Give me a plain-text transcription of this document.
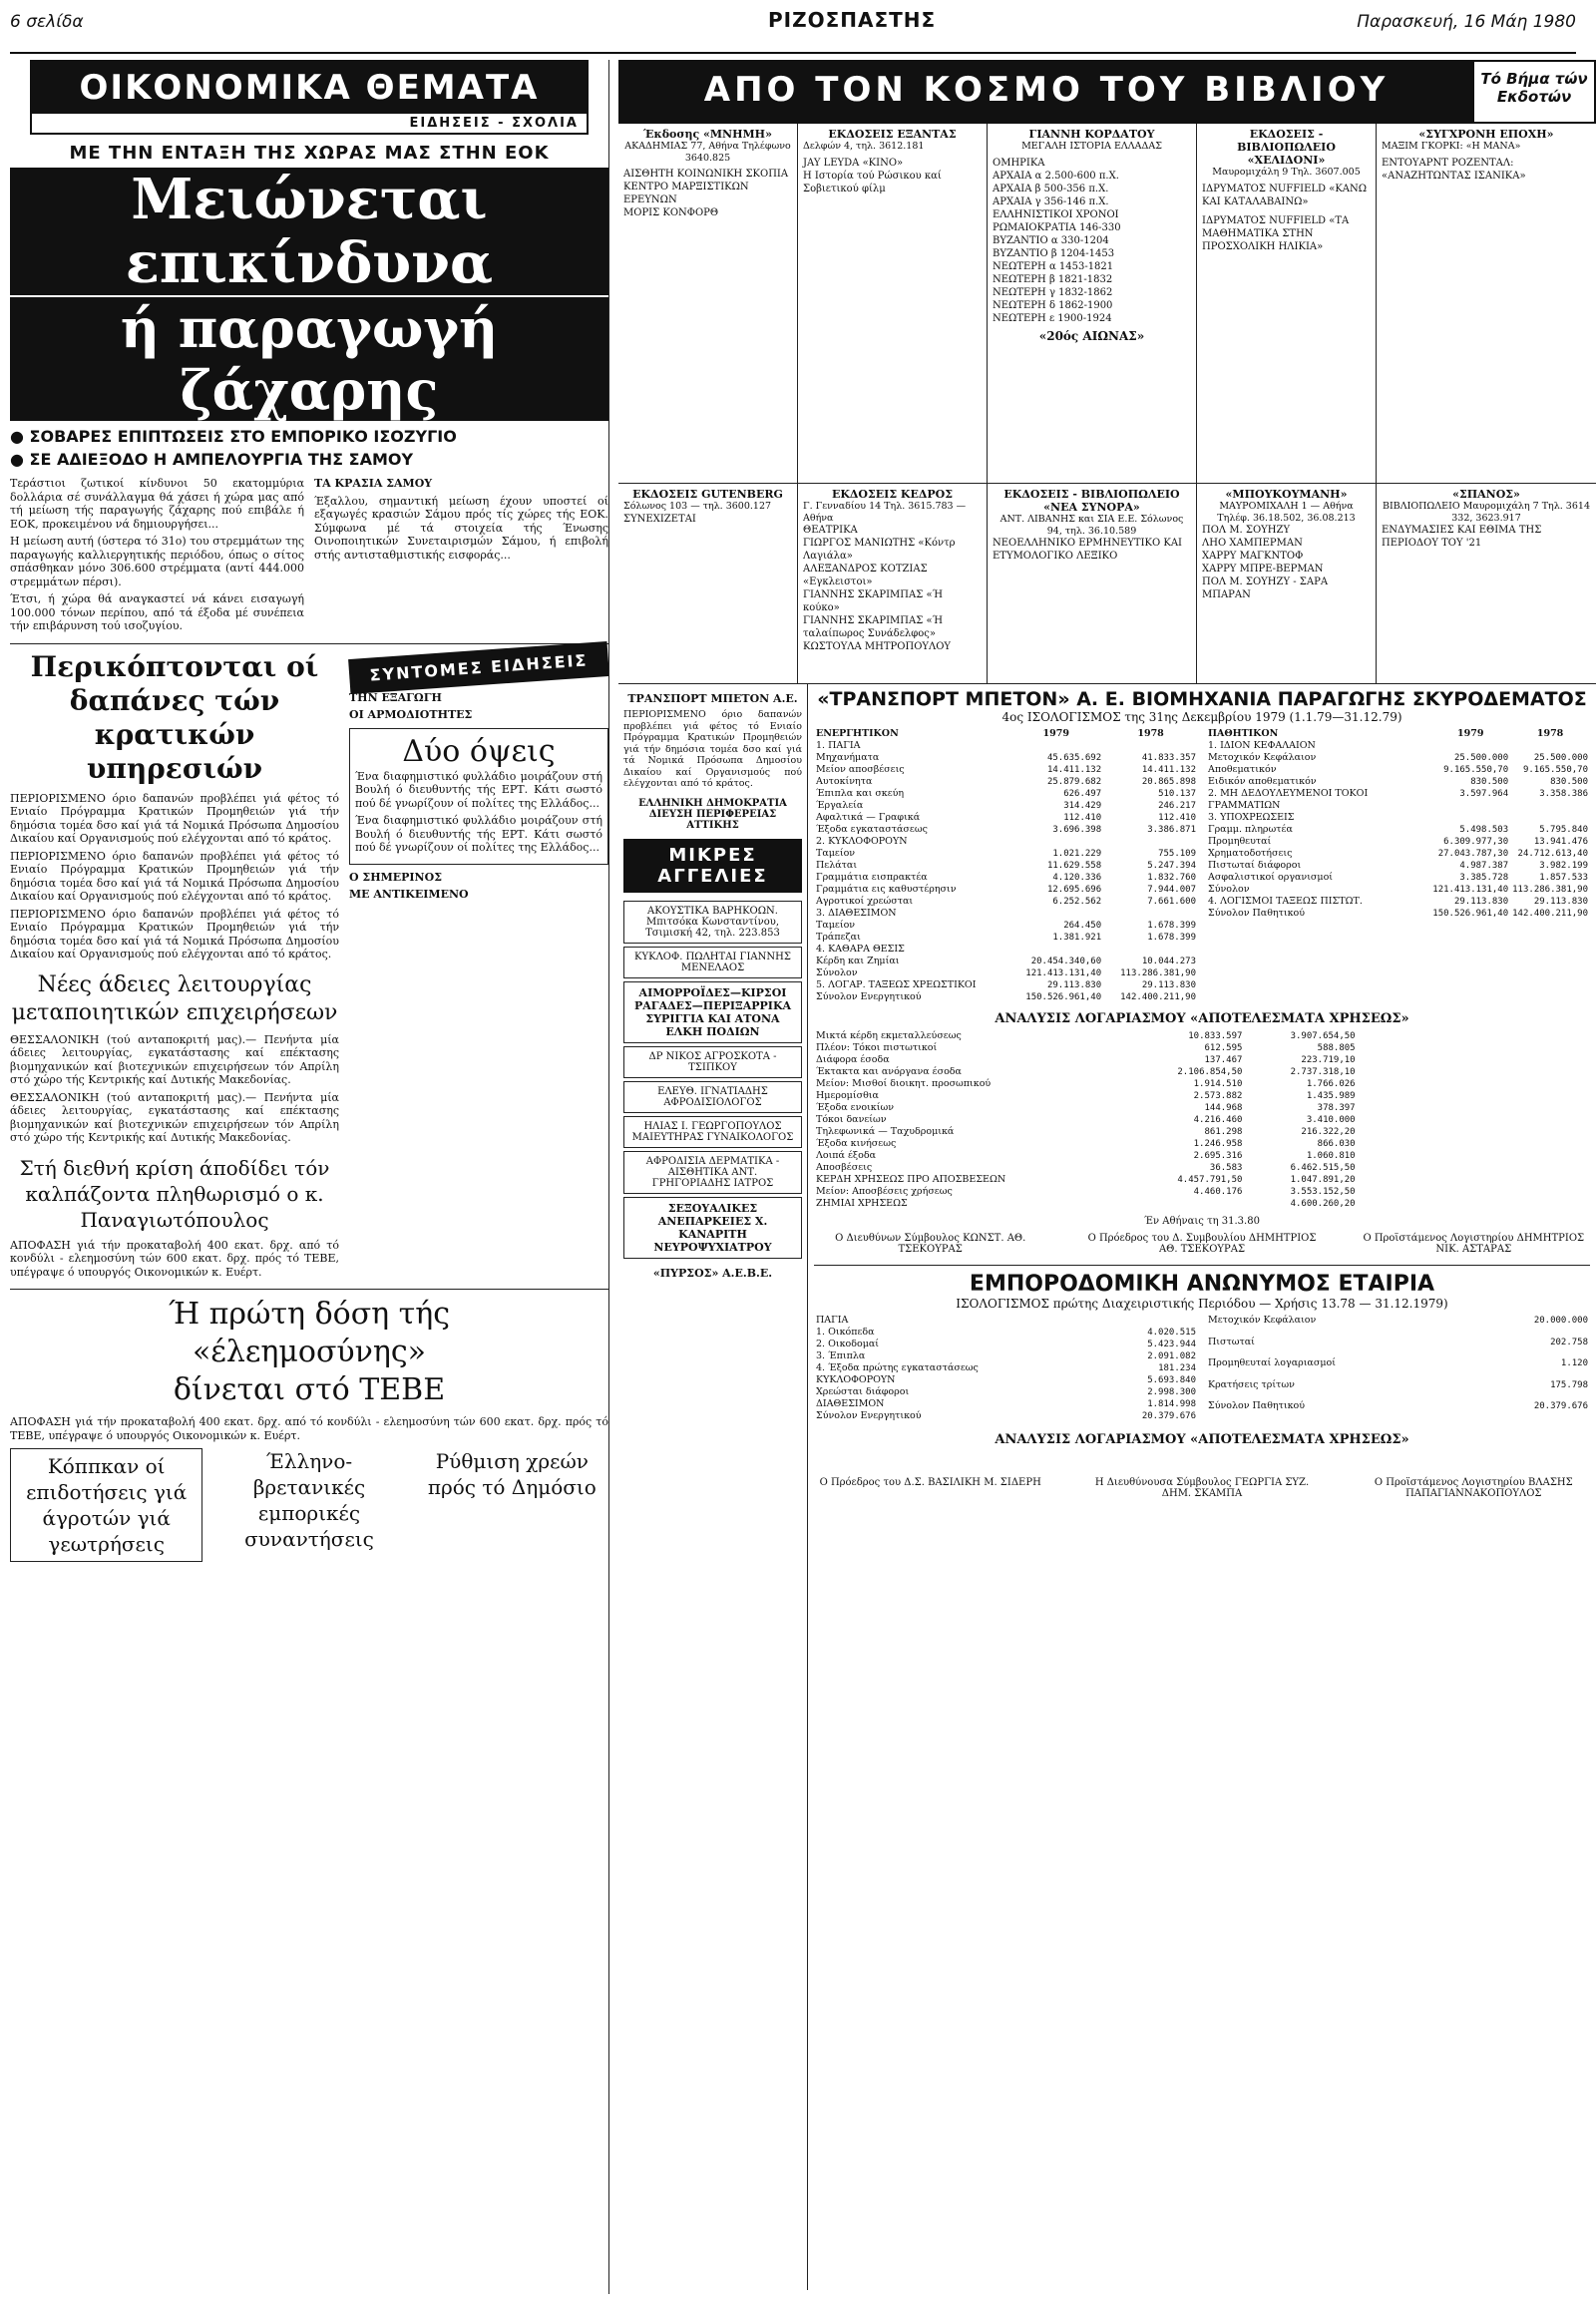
6 σελίδα	ΡΙΖΟΣΠΑΣΤΗΣ	Παρασκευή, 16 Μάη 1980
ΟΙΚΟΝΟΜΙΚΑ ΘΕΜΑΤΑ
ΕΙΔΗΣΕΙΣ - ΣΧΟΛΙΑ
ΜΕ ΤΗΝ ΕΝΤΑΞΗ ΤΗΣ ΧΩΡΑΣ ΜΑΣ ΣΤΗΝ ΕΟΚ
Μειώνεται επικίνδυνα
ή παραγωγή ζάχαρης
● ΣΟΒΑΡΕΣ ΕΠΙΠΤΩΣΕΙΣ ΣΤΟ ΕΜΠΟΡΙΚΟ ΙΣΟΖΥΓΙΟ
● ΣΕ ΑΔΙΕΞΟΔΟ Η ΑΜΠΕΛΟΥΡΓΙΑ ΤΗΣ ΣΑΜΟΥ

Τεράστιοι ζωτικοί κίνδυνοι 50 εκατομμύρια δολλάρια σέ συνάλλαγμα θά χάσει ή χώρα μας από τή μείωση τής παραγωγής ζάχαρης πού επιβάλε ή ΕΟΚ, προκειμένου νά δημιουργήσει...

Η μείωση αυτή (ύστερα τό 31ο) του στρεμμάτων της παραγωγής καλλιεργητικής περιόδου, όπως ο σίτος σπάσθηκαν μόνο 306.600 στρέμματα (αντί 444.000 στρεμμάτων πέρσι).

Έτσι, ή χώρα θά αναγκαστεί νά κάνει εισαγωγή 100.000 τόνων περίπου, από τά έξοδα μέ συνέπεια τήν επιβάρυνση τού ισοζυγίου.

ΤΑ ΚΡΑΣΙΑ ΣΑΜΟΥ

Έξαλλου, σημαντική μείωση έχουν υποστεί οί εξαγωγές κρασιών Σάμου πρός τίς χώρες τής ΕΟΚ. Σύμφωνα μέ τά στοιχεία τής Ένωσης Οινοποιητικών Συνεταιρισμών Σάμου, ή επιβολή στής αντισταθμιστικής εισφοράς...

Περικόπτονται οί
δαπάνες τών
κρατικών υπηρεσιών

ΠΕΡΙΟΡΙΣΜΕΝΟ όριο δαπανών προβλέπει γιά φέτος τό Ενιαίο Πρόγραμμα Κρατικών Προμηθειών γιά τήν δημόσια τομέα δσο καί γιά τά Νομικά Πρόσωπα Δημοσίου Δικαίου καί Οργανισμούς πού ελέγχονται από τό κράτος.

ΠΕΡΙΟΡΙΣΜΕΝΟ όριο δαπανών προβλέπει γιά φέτος τό Ενιαίο Πρόγραμμα Κρατικών Προμηθειών γιά τήν δημόσια τομέα δσο καί γιά τά Νομικά Πρόσωπα Δημοσίου Δικαίου καί Οργανισμούς πού ελέγχονται από τό κράτος.

ΠΕΡΙΟΡΙΣΜΕΝΟ όριο δαπανών προβλέπει γιά φέτος τό Ενιαίο Πρόγραμμα Κρατικών Προμηθειών γιά τήν δημόσια τομέα δσο καί γιά τά Νομικά Πρόσωπα Δημοσίου Δικαίου καί Οργανισμούς πού ελέγχονται από τό κράτος.

Νέες άδειες λειτουργίας μεταποιητικών επιχειρήσεων

ΘΕΣΣΑΛΟΝΙΚΗ (τού ανταποκριτή μας).— Πενήντα μία άδειες λειτουργίας, εγκατάστασης καί επέκτασης βιομηχανικών καί βιοτεχνικών επιχειρήσεων τόν Απρίλη στό χώρο τής Κεντρικής καί Δυτικής Μακεδονίας.

ΘΕΣΣΑΛΟΝΙΚΗ (τού ανταποκριτή μας).— Πενήντα μία άδειες λειτουργίας, εγκατάστασης καί επέκτασης βιομηχανικών καί βιοτεχνικών επιχειρήσεων τόν Απρίλη στό χώρο τής Κεντρικής καί Δυτικής Μακεδονίας.

Στή διεθνή κρίση άποδίδει τόν καλπάζοντα πληθωρισμό ο κ. Παναγιωτόπουλος

ΑΠΟΦΑΣΗ γιά τήν προκαταβολή 400 εκατ. δρχ. από τό κονδύλι - ελεημοσύνη τών 600 εκατ. δρχ. πρός τό ΤΕΒΕ, υπέγραψε ό υπουργός Οικονομικών κ. Ευέρτ.

ΣΥΝΤΟΜΕΣ ΕΙΔΗΣΕΙΣ

ΤΗΝ ΕΞΑΓΩΓΗ

ΟΙ ΑΡΜΟΔΙΟΤΗΤΕΣ

Δύο όψεις

Ένα διαφημιστικό φυλλάδιο μοιράζουν στή Βουλή ό διευθυντής τής ΕΡΤ. Κάτι σωστό πού δέ γνωρίζουν οί πολίτες της Ελλάδος...

Ένα διαφημιστικό φυλλάδιο μοιράζουν στή Βουλή ό διευθυντής τής ΕΡΤ. Κάτι σωστό πού δέ γνωρίζουν οί πολίτες της Ελλάδος...

Ο ΣΗΜΕΡΙΝΟΣ

ΜΕ ΑΝΤΙΚΕΙΜΕΝΟ

Ή πρώτη δόση τής
«έλεημοσύνης»
δίνεται στό ΤΕΒΕ

ΑΠΟΦΑΣΗ γιά τήν προκαταβολή 400 εκατ. δρχ. από τό κονδύλι - ελεημοσύνη τών 600 εκατ. δρχ. πρός τό ΤΕΒΕ, υπέγραψε ό υπουργός Οικονομικών κ. Ευέρτ.

Κόππκαν οί επιδοτήσεις γιά άγροτών γιά γεωτρήσεις
Έλληνο-βρετανικές εμπορικές συναντήσεις
Ρύθμιση χρεών πρός τό Δημόσιο
ΑΠΟ ΤΟΝ ΚΟΣΜΟ ΤΟΥ ΒΙΒΛΙΟΥ	Τό Βήμα τών Εκδοτών
Έκδοσης «ΜΝΗΜΗ»
ΑΚΑΔΗΜΙΑΣ 77, Αθήνα Τηλέφωνο 3640.825
ΑΙΣΘΗΤΗ ΚΟΙΝΩΝΙΚΗ ΣΚΟΠΙΑ
ΚΕΝΤΡΟ ΜΑΡΞΙΣΤΙΚΩΝ ΕΡΕΥΝΩΝ
ΜΟΡΙΣ ΚΟΝΦΟΡΘ
ΕΚΔΟΣΕΙΣ ΕΞΑΝΤΑΣ
Δελφών 4, τηλ. 3612.181
JAY LEYDA «ΚΙΝΟ»
Η Ιστορία τού Ρώσικου καί Σοβιετικού φίλμ
ΓΙΑΝΝΗ ΚΟΡΔΑΤΟΥ
ΜΕΓΑΛΗ ΙΣΤΟΡΙΑ ΕΛΛΑΔΑΣ
ΟΜΗΡΙΚΑ
ΑΡΧΑΙΑ α 2.500-600 π.Χ.
ΑΡΧΑΙΑ β 500-356 π.Χ.
ΑΡΧΑΙΑ γ 356-146 π.Χ.
ΕΛΛΗΝΙΣΤΙΚΟΙ ΧΡΟΝΟΙ
ΡΩΜΑΙΟΚΡΑΤΙΑ 146-330
ΒΥΖΑΝΤΙΟ α 330-1204
ΒΥΖΑΝΤΙΟ β 1204-1453
ΝΕΩΤΕΡΗ α 1453-1821
ΝΕΩΤΕΡΗ β 1821-1832
ΝΕΩΤΕΡΗ γ 1832-1862
ΝΕΩΤΕΡΗ δ 1862-1900
ΝΕΩΤΕΡΗ ε 1900-1924
«20ός ΑΙΩΝΑΣ»
ΕΚΔΟΣΕΙΣ - ΒΙΒΛΙΟΠΩΛΕΙΟ «ΧΕΛΙΔΟΝΙ»
Μαυρομιχάλη 9 Τηλ. 3607.005
ΙΔΡΥΜΑΤΟΣ NUFFIELD «ΚΑΝΩ ΚΑΙ ΚΑΤΑΛΑΒΑΙΝΩ»
ΙΔΡΥΜΑΤΟΣ NUFFIELD «ΤΑ ΜΑΘΗΜΑΤΙΚΑ ΣΤΗΝ ΠΡΟΣΧΟΛΙΚΗ ΗΛΙΚΙΑ»
«ΣΥΓΧΡΟΝΗ ΕΠΟΧΗ»
ΜΑΞΙΜ ΓΚΟΡΚΙ: «Η ΜΑΝΑ»
ΕΝΤΟΥΑΡΝΤ ΡΟΖΕΝΤΑΛ: «ΑΝΑΖΗΤΩΝΤΑΣ ΙΣΑΝΙΚΑ»
ΕΚΔΟΣΕΙΣ GUTENBERG
Σόλωνος 103 — τηλ. 3600.127
ΣΥΝΕΧΙΖΕΤΑΙ
ΕΚΔΟΣΕΙΣ ΚΕΔΡΟΣ
Γ. Γενναδίου 14 Τηλ. 3615.783 — Αθήνα
ΘΕΑΤΡΙΚΑ
ΓΙΩΡΓΟΣ ΜΑΝΙΩΤΗΣ «Κόντρ Λαγιάλα»
ΑΛΕΞΑΝΔΡΟΣ ΚΟΤΖΙΑΣ «Εγκλειστοι»
ΓΙΑΝΝΗΣ ΣΚΑΡΙΜΠΑΣ «Ή κούκο»
ΓΙΑΝΝΗΣ ΣΚΑΡΙΜΠΑΣ «Ή ταλαίπωρος Συνάδελφος»
ΚΩΣΤΟΥΛΑ ΜΗΤΡΟΠΟΥΛΟΥ
ΕΚΔΟΣΕΙΣ - ΒΙΒΛΙΟΠΩΛΕΙΟ «ΝΕΑ ΣΥΝΟΡΑ»
ΑΝΤ. ΛΙΒΑΝΗΣ και ΣΙΑ Ε.Ε. Σόλωνος 94, τηλ. 36.10.589
ΝΕΟΕΛΛΗΝΙΚΟ ΕΡΜΗΝΕΥΤΙΚΟ ΚΑΙ ΕΤΥΜΟΛΟΓΙΚΟ ΛΕΞΙΚΟ
«ΜΠΟΥΚΟΥΜΑΝΗ»
ΜΑΥΡΟΜΙΧΑΛΗ 1 — Αθήνα Τηλέφ. 36.18.502, 36.08.213
ΠΟΛ Μ. ΣΟΥΗΖΥ
ΛΗΟ ΧΑΜΠΕΡΜΑΝ
ΧΑΡΡΥ ΜΑΓΚΝΤΟΦ
ΧΑΡΡΥ ΜΠΡΕ-ΒΕΡΜΑΝ
ΠΟΛ Μ. ΣΟΥΗΖΥ - ΣΑΡΑ ΜΠΑΡΑΝ
«ΣΠΑΝΟΣ»
ΒΙΒΛΙΟΠΩΛΕΙΟ Μαυρομιχάλη 7 Τηλ. 3614 332, 3623.917
ΕΝΔΥΜΑΣΙΕΣ ΚΑΙ ΕΘΙΜΑ ΤΗΣ ΠΕΡΙΟΔΟΥ ΤΟΥ '21
ΤΡΑΝΣΠΟΡΤ ΜΠΕΤΟΝ Α.Ε.

ΠΕΡΙΟΡΙΣΜΕΝΟ όριο δαπανών προβλέπει γιά φέτος τό Ενιαίο Πρόγραμμα Κρατικών Προμηθειών γιά τήν δημόσια τομέα δσο καί γιά τά Νομικά Πρόσωπα Δημοσίου Δικαίου καί Οργανισμούς πού ελέγχονται από τό κράτος.

ΕΛΛΗΝΙΚΗ ΔΗΜΟΚΡΑΤΙΑ ΔΙΕΥΣΗ ΠΕΡΙΦΕΡΕΙΑΣ ΑΤΤΙΚΗΣ
ΜΙΚΡΕΣ ΑΓΓΕΛΙΕΣ
ΑΚΟΥΣΤΙΚΑ ΒΑΡΗΚΟΩΝ. Μπιτσόκα Κωνσταντίνου, Τσιμισκή 42, τηλ. 223.853
ΚΥΚΛΟΦ. ΠΩΛΗΤΑΙ ΓΙΑΝΝΗΣ ΜΕΝΕΛΑΟΣ
ΑΙΜΟΡΡΟΪΔΕΣ—ΚΙΡΣΟΙ ΡΑΓΑΔΕΣ—ΠΕΡΙΞΑΡΡΙΚΑ ΣΥΡΙΓΓΙΑ ΚΑΙ ΑΤΟΝΑ ΕΛΚΗ ΠΟΔΙΩΝ
ΔΡ ΝΙΚΟΣ ΑΓΡΟΣΚΟΤΑ - ΤΣΙΠΚΟΥ
ΕΛΕΥΘ. ΙΓΝΑΤΙΑΔΗΣ ΑΦΡΟΔΙΣΙΟΛΟΓΟΣ
ΗΛΙΑΣ Ι. ΓΕΩΡΓΟΠΟΥΛΟΣ ΜΑΙΕΥΤΗΡΑΣ ΓΥΝΑΙΚΟΛΟΓΟΣ
ΑΦΡΟΔΙΣΙΑ ΔΕΡΜΑΤΙΚΑ - ΑΙΣΘΗΤΙΚΑ ΑΝΤ. ΓΡΗΓΟΡΙΑΔΗΣ ΙΑΤΡΟΣ
ΣΕΞΟΥΑΛΙΚΕΣ ΑΝΕΠΑΡΚΕΙΕΣ Χ. ΚΑΝΑΡΙΤΗ ΝΕΥΡΟΨΥΧΙΑΤΡΟΥ
«ΠΥΡΣΟΣ» Α.Ε.Β.Ε.
«ΤΡΑΝΣΠΟΡΤ ΜΠΕΤΟΝ» Α. Ε. ΒΙΟΜΗΧΑΝΙΑ ΠΑΡΑΓΩΓΗΣ ΣΚΥΡΟΔΕΜΑΤΟΣ
4ος ΙΣΟΛΟΓΙΣΜΟΣ της 31ης Δεκεμβρίου 1979 (1.1.79—31.12.79)
ΕΝΕΡΓΗΤΙΚΟΝ	1979	1978
1. ΠΑΓΙΑ		
Μηχανήματα	45.635.692	41.833.357
Μείον αποσβέσεις	14.411.132	14.411.132
Αυτοκίνητα	25.879.682	20.865.898
Έπιπλα και σκεύη	626.497	510.137
Έργαλεία	314.429	246.217
Αφαλτικά — Γραφικά	112.410	112.410
Έξοδα εγκαταστάσεως	3.696.398	3.386.871
2. ΚΥΚΛΟΦΟΡΟΥΝ		
Ταμείον	1.021.229	755.109
Πελάται	11.629.558	5.247.394
Γραμμάτια εισπρακτέα	4.120.336	1.832.760
Γραμμάτια εις καθυστέρησιν	12.695.696	7.944.007
Αγροτικοί χρεώσται	6.252.562	7.661.600
3. ΔΙΑΘΕΣΙΜΟΝ		
Ταμείον	264.450	1.678.399
Τράπεζαι	1.381.921	1.678.399
4. ΚΑΘΑΡΑ ΘΕΣΙΣ		
Κέρδη και Ζημίαι	20.454.340,60	10.044.273
Σύνολον	121.413.131,40	113.286.381,90
5. ΛΟΓΑΡ. ΤΑΞΕΩΣ ΧΡΕΩΣΤΙΚΟΙ	29.113.830	29.113.830
Σύνολον Ενεργητικού	150.526.961,40	142.400.211,90
ΠΑΘΗΤΙΚΟΝ	1979	1978
1. ΙΔΙΟΝ ΚΕΦΑΛΑΙΟΝ		
Μετοχικόν Κεφάλαιον	25.500.000	25.500.000
Αποθεματικόν	9.165.550,70	9.165.550,70
Ειδικόν αποθεματικόν	830.500	830.500
2. ΜΗ ΔΕΔΟΥΛΕΥΜΕΝΟΙ ΤΟΚΟΙ ΓΡΑΜΜΑΤΙΩΝ	3.597.964	3.358.386
3. ΥΠΟΧΡΕΩΣΕΙΣ		
Γραμμ. πληρωτέα	5.498.503	5.795.840
Προμηθευταί	6.309.977,30	13.941.476
Χρηματοδοτήσεις	27.043.787,30	24.712.613,40
Πιστωταί διάφοροι	4.987.387	3.982.199
Ασφαλιστικοί οργανισμοί	3.385.728	1.857.533
Σύνολον	121.413.131,40	113.286.381,90
4. ΛΟΓΙΣΜΟΙ ΤΑΞΕΩΣ ΠΙΣΤΩΤ.	29.113.830	29.113.830
Σύνολον Παθητικού	150.526.961,40	142.400.211,90
ΑΝΑΛΥΣΙΣ ΛΟΓΑΡΙΑΣΜΟΥ «ΑΠΟΤΕΛΕΣΜΑΤΑ ΧΡΗΣΕΩΣ»
Μικτά κέρδη εκμεταλλεύσεως	10.833.597	3.907.654,50
Πλέον: Τόκοι πιστωτικοί	612.595	588.805
Διάφορα έσοδα	137.467	223.719,10
Έκτακτα και ανόργανα έσοδα	2.106.854,50	2.737.318,10
Μείον: Μισθοί διοικητ. προσωπικού	1.914.510	1.766.026
Ημερομίσθια	2.573.882	1.435.989
Έξοδα ενοικίων	144.968	378.397
Τόκοι δανείων	4.216.460	3.410.000
Τηλεφωνικά — Ταχυδρομικά	861.298	216.322,20
Έξοδα κινήσεως	1.246.958	866.030
Λοιπά έξοδα	2.695.316	1.060.810
Αποσβέσεις	36.583	6.462.515,50
ΚΕΡΔΗ ΧΡΗΣΕΩΣ ΠΡΟ ΑΠΟΣΒΕΣΕΩΝ	4.457.791,50	1.047.891,20
Μείον: Αποσβέσεις χρήσεως	4.460.176	3.553.152,50
ΖΗΜΙΑΙ ΧΡΗΣΕΩΣ		4.600.260,20
Έν Αθήναις τη 31.3.80
Ο Διευθύνων Σύμβουλος ΚΩΝΣΤ. ΑΘ. ΤΣΕΚΟΥΡΑΣ
Ο Πρόεδρος του Δ. Συμβουλίου ΔΗΜΗΤΡΙΟΣ ΑΘ. ΤΣΕΚΟΥΡΑΣ
Ο Προϊστάμενος Λογιστηρίου ΔΗΜΗΤΡΙΟΣ ΝΙΚ. ΑΣΤΑΡΑΣ
ΕΜΠΟΡΟΔΟΜΙΚΗ ΑΝΩΝΥΜΟΣ ΕΤΑΙΡΙΑ
ΙΣΟΛΟΓΙΣΜΟΣ πρώτης Διαχειριστικής Περιόδου — Χρήσις 13.78 — 31.12.1979)
ΠΑΓΙΑ	
1. Οικόπεδα	4.020.515
2. Οικοδομαί	5.423.944
3. Έπιπλα	2.091.082
4. Έξοδα πρώτης εγκαταστάσεως	181.234
ΚΥΚΛΟΦΟΡΟΥΝ	5.693.840
Χρεώσται διάφοροι	2.998.300
ΔΙΑΘΕΣΙΜΟΝ	1.814.998
Σύνολον Ενεργητικού	20.379.676
Μετοχικόν Κεφάλαιον	20.000.000
Πιστωταί	202.758
Προμηθευταί λογαριασμοί	1.120
Κρατήσεις τρίτων	175.798
Σύνολον Παθητικού	20.379.676
ΑΝΑΛΥΣΙΣ ΛΟΓΑΡΙΑΣΜΟΥ «ΑΠΟΤΕΛΕΣΜΑΤΑ ΧΡΗΣΕΩΣ»
Ο Πρόεδρος του Δ.Σ. ΒΑΣΙΛΙΚΗ Μ. ΣΙΔΕΡΗ	Η Διευθύνουσα Σύμβουλος ΓΕΩΡΓΙΑ ΣΥΖ. ΔΗΜ. ΣΚΑΜΠΑ
Ο Προϊστάμενος Λογιστηρίου ΒΛΑΣΗΣ ΠΑΠΑΓΙΑΝΝΑΚΟΠΟΥΛΟΣ
